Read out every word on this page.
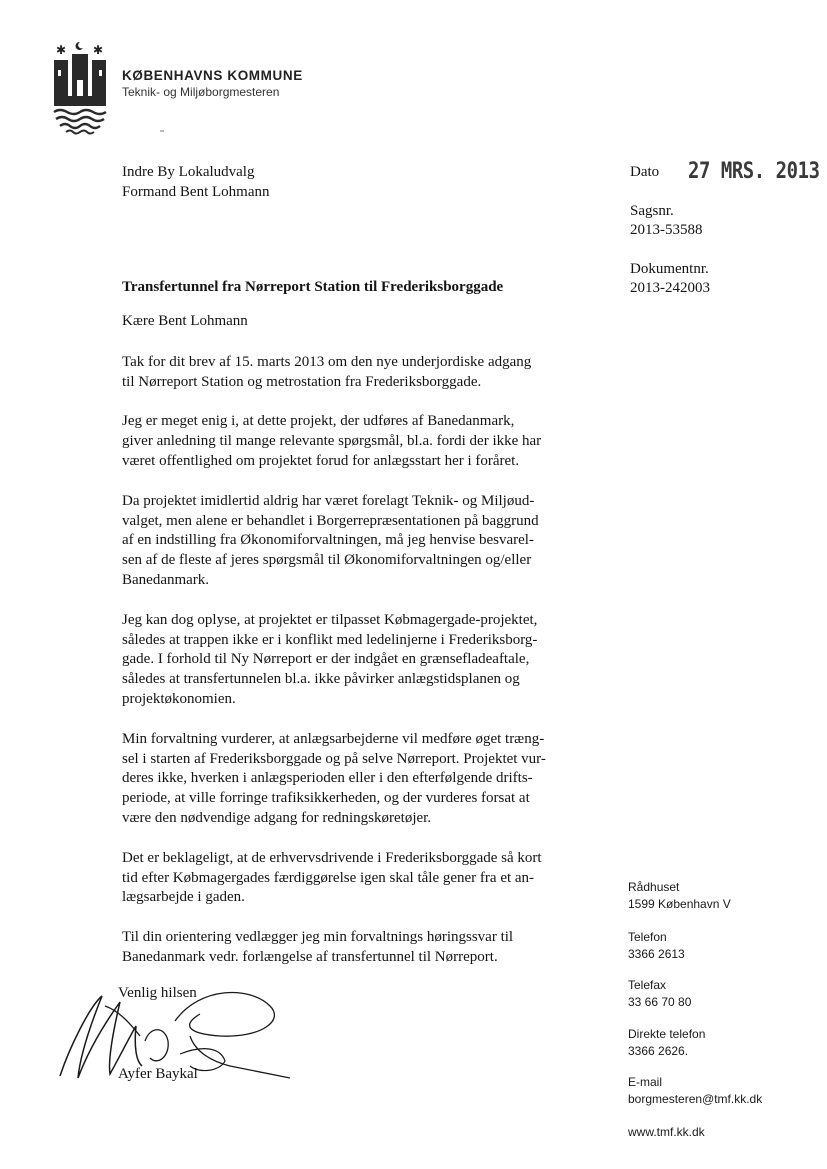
✱ ✱
KØBENHAVNS KOMMUNE
Teknik- og Miljøborgmesteren
Indre By Lokaludvalg
Formand Bent Lohmann
Dato 27 MRS. 2013
Sagsnr.
2013-53588
Dokumentnr.
2013-242003
Transfertunnel fra Nørreport Station til Frederiksborggade

Kære Bent Lohmann

Tak for dit brev af 15. marts 2013 om den nye underjordiske adgang
til Nørreport Station og metrostation fra Frederiksborggade.
Jeg er meget enig i, at dette projekt, der udføres af Banedanmark,
giver anledning til mange relevante spørgsmål, bl.a. fordi der ikke har
været offentlighed om projektet forud for anlægsstart her i foråret.
Da projektet imidlertid aldrig har været forelagt Teknik- og Miljøud-
valget, men alene er behandlet i Borgerrepræsentationen på baggrund
af en indstilling fra Økonomiforvaltningen, må jeg henvise besvarel-
sen af de fleste af jeres spørgsmål til Økonomiforvaltningen og/eller
Banedanmark.
Jeg kan dog oplyse, at projektet er tilpasset Købmagergade-projektet,
således at trappen ikke er i konflikt med ledelinjerne i Frederiksborg-
gade. I forhold til Ny Nørreport er der indgået en grænsefladeaftale,
således at transfertunnelen bl.a. ikke påvirker anlægstidsplanen og
projektøkonomien.
Min forvaltning vurderer, at anlægsarbejderne vil medføre øget træng-
sel i starten af Frederiksborggade og på selve Nørreport. Projektet vur-
deres ikke, hverken i anlægsperioden eller i den efterfølgende drifts-
periode, at ville forringe trafiksikkerheden, og der vurderes forsat at
være den nødvendige adgang for redningskøretøjer.
Det er beklageligt, at de erhvervsdrivende i Frederiksborggade så kort
tid efter Købmagergades færdiggørelse igen skal tåle gener fra et an-
lægsarbejde i gaden.
Til din orientering vedlægger jeg min forvaltnings høringssvar til
Banedanmark vedr. forlængelse af transfertunnel til Nørreport.
Venlig hilsen
Ayfer Baykal
Rådhuset
1599 København V
Telefon
3366 2613
Telefax
33 66 70 80
Direkte telefon
3366 2626.
E-mail
borgmesteren@tmf.kk.dk
www.tmf.kk.dk
